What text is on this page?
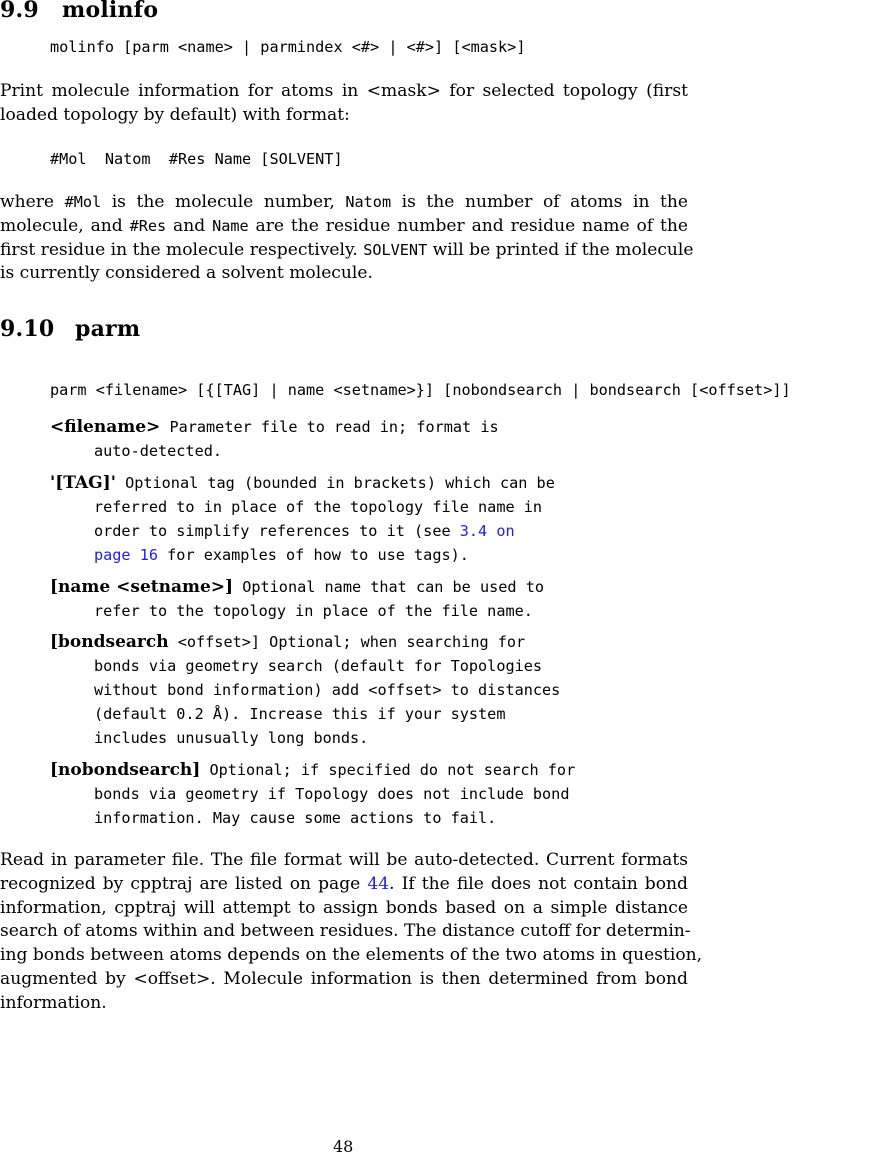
9.9 molinfo
molinfo [parm <name> | parmindex <#> | <#>] [<mask>]
Print molecule information for atoms in <mask> for selected topology (first
loaded topology by default) with format:
#Mol  Natom  #Res Name [SOLVENT]
where #Mol is the molecule number, Natom is the number of atoms in the
molecule, and #Res and Name are the residue number and residue name of the
first residue in the molecule respectively. SOLVENT will be printed if the molecule
is currently considered a solvent molecule.
9.10 parm
parm <filename> [{[TAG] | name <setname>}] [nobondsearch | bondsearch [<offset>]]
<filename> Parameter file to read in; format is
auto-detected.
'[TAG]' Optional tag (bounded in brackets) which can be
referred to in place of the topology file name in
order to simplify references to it (see 3.4 on
page 16 for examples of how to use tags).
[name <setname>] Optional name that can be used to
refer to the topology in place of the file name.
[bondsearch <offset>] Optional; when searching for
bonds via geometry search (default for Topologies
without bond information) add <offset> to distances
(default 0.2 Å). Increase this if your system
includes unusually long bonds.
[nobondsearch] Optional; if specified do not search for
bonds via geometry if Topology does not include bond
information. May cause some actions to fail.
Read in parameter file. The file format will be auto-detected. Current formats
recognized by cpptraj are listed on page 44. If the file does not contain bond
information, cpptraj will attempt to assign bonds based on a simple distance
search of atoms within and between residues. The distance cutoff for determin-
ing bonds between atoms depends on the elements of the two atoms in question,
augmented by <offset>. Molecule information is then determined from bond
information.
48
